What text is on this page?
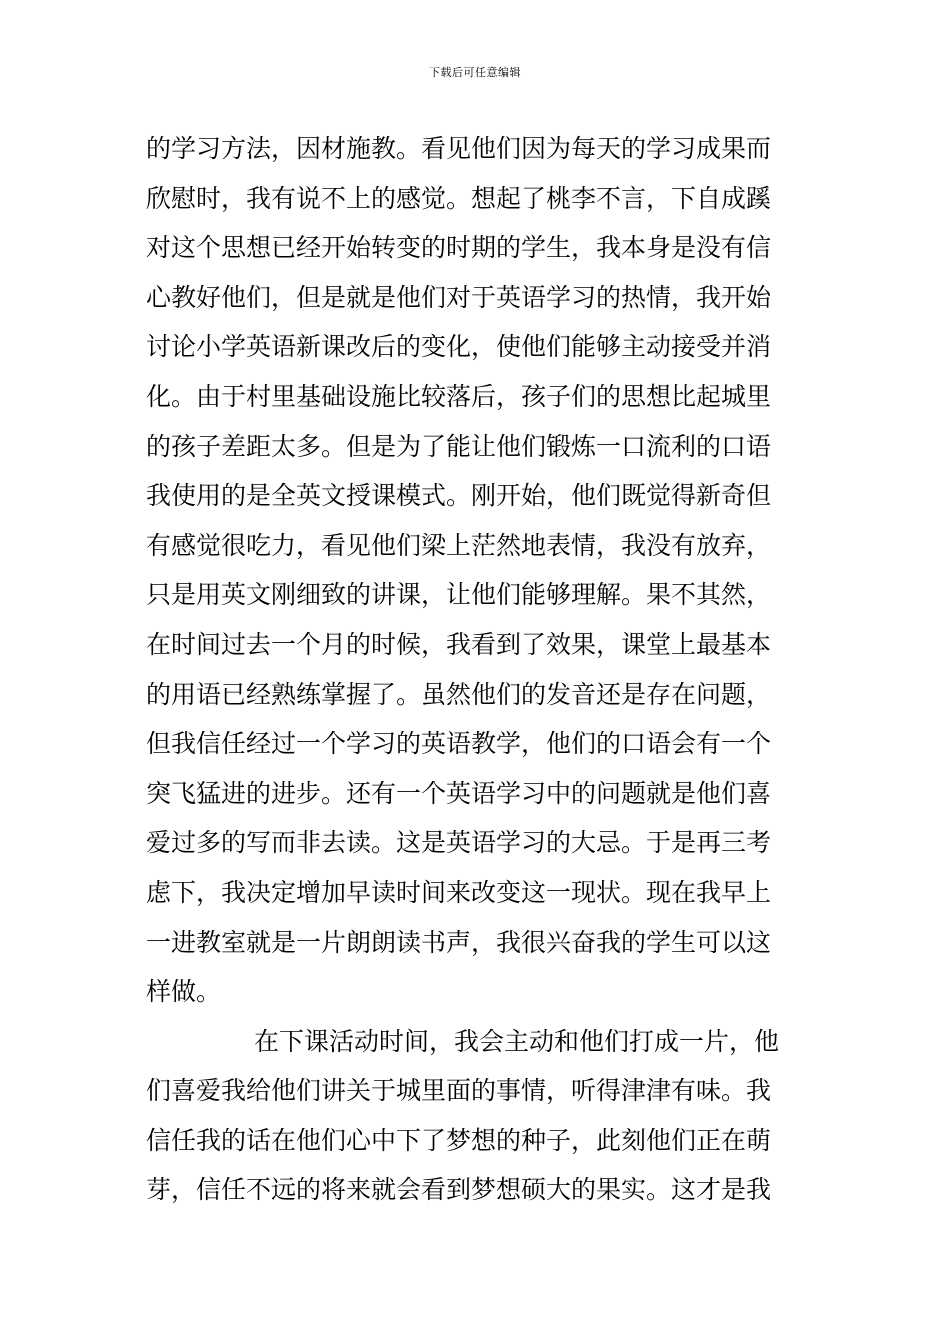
下载后可任意编辑
的学习方法，因材施教。看见他们因为每天的学习成果而
欣慰时，我有说不上的感觉。想起了桃李不言，下自成蹊
对这个思想已经开始转变的时期的学生，我本身是没有信
心教好他们，但是就是他们对于英语学习的热情，我开始
讨论小学英语新课改后的变化，使他们能够主动接受并消
化。由于村里基础设施比较落后，孩子们的思想比起城里
的孩子差距太多。但是为了能让他们锻炼一口流利的口语
我使用的是全英文授课模式。刚开始，他们既觉得新奇但
有感觉很吃力，看见他们梁上茫然地表情，我没有放弃，
只是用英文刚细致的讲课，让他们能够理解。果不其然，
在时间过去一个月的时候，我看到了效果，课堂上最基本
的用语已经熟练掌握了。虽然他们的发音还是存在问题，
但我信任经过一个学习的英语教学，他们的口语会有一个
突飞猛进的进步。还有一个英语学习中的问题就是他们喜
爱过多的写而非去读。这是英语学习的大忌。于是再三考
虑下，我决定增加早读时间来改变这一现状。现在我早上
一进教室就是一片朗朗读书声，我很兴奋我的学生可以这
样做。
在下课活动时间，我会主动和他们打成一片，他
们喜爱我给他们讲关于城里面的事情，听得津津有味。我
信任我的话在他们心中下了梦想的种子，此刻他们正在萌
芽，信任不远的将来就会看到梦想硕大的果实。这才是我
